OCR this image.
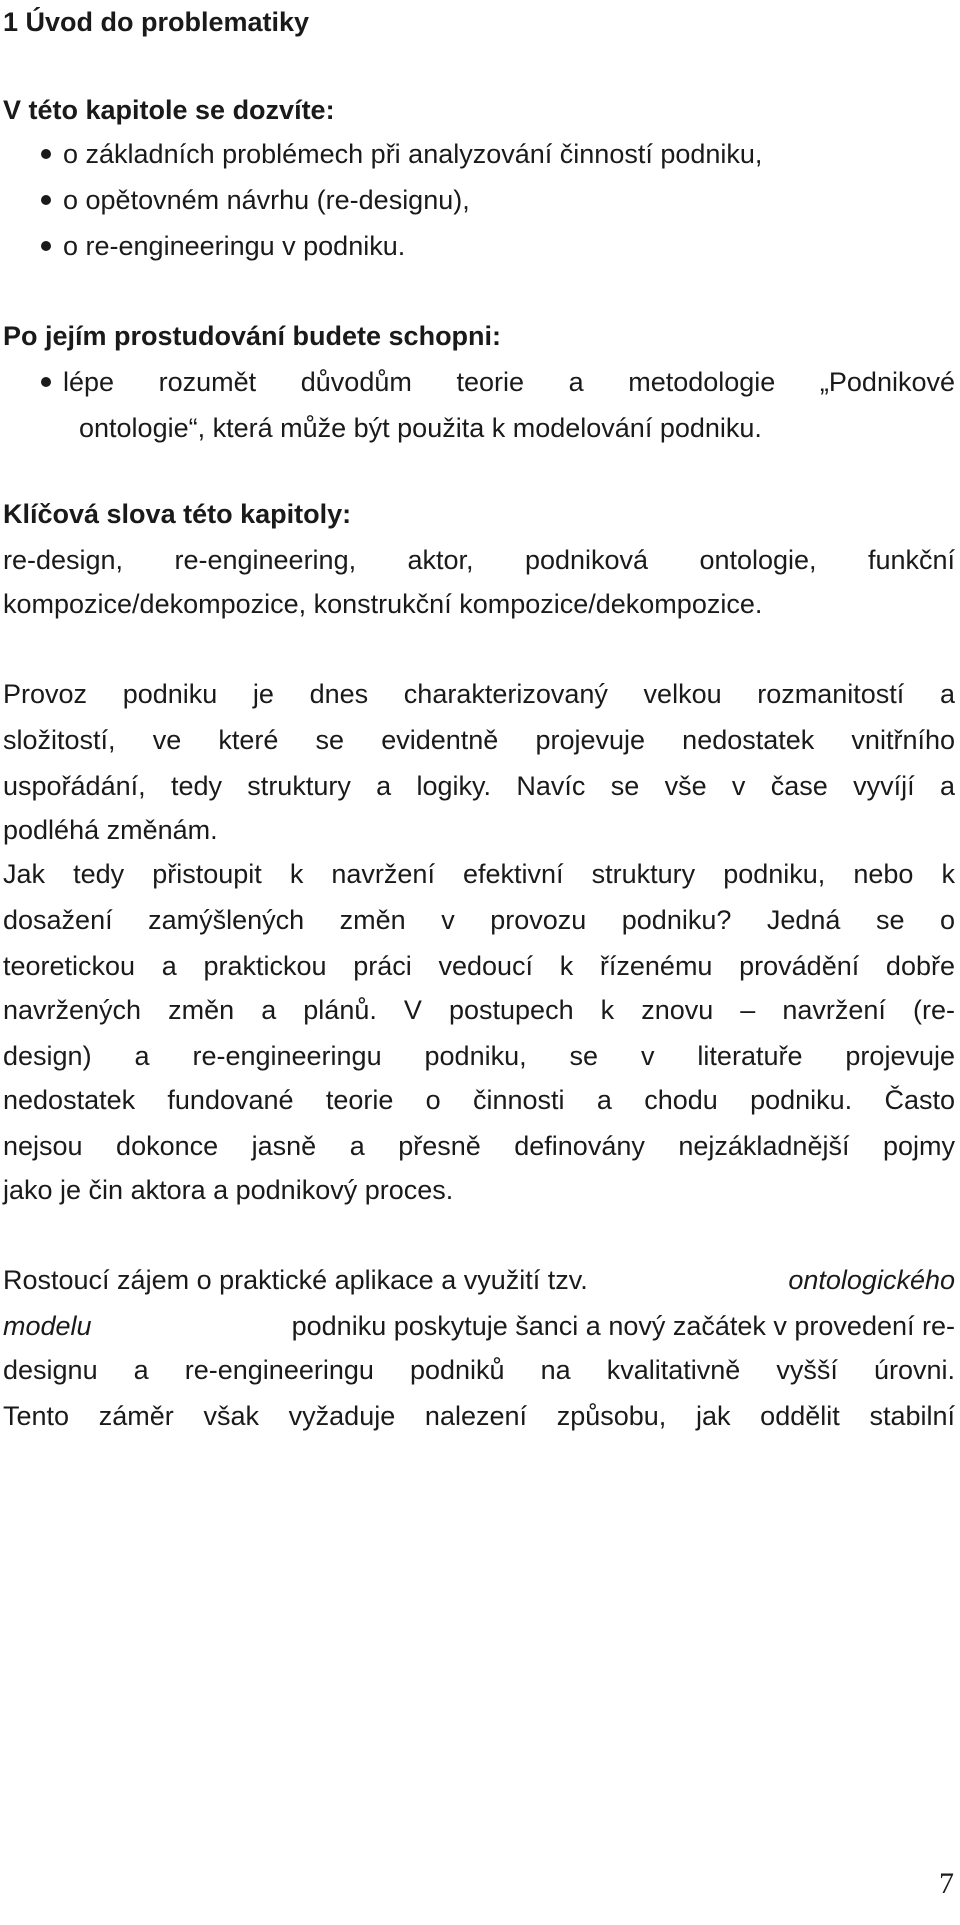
1 Úvod do problematiky
V této kapitole se dozvíte:
o základních problémech při analyzování činností podniku,
o opětovném návrhu (re-designu),
o re-engineeringu v podniku.
Po jejím prostudování budete schopni:
lépe rozumět důvodům teorie a metodologie „Podnikové
ontologie“, která může být použita k modelování podniku.
Klíčová slova této kapitoly:
re-design, re-engineering, aktor, podniková ontologie, funkční
kompozice/dekompozice, konstrukční kompozice/dekompozice.
Provoz podniku je dnes charakterizovaný velkou rozmanitostí a
složitostí, ve které se evidentně projevuje nedostatek vnitřního
uspořádání, tedy struktury a logiky. Navíc se vše v čase vyvíjí a
podléhá změnám.
Jak tedy přistoupit k navržení efektivní struktury podniku, nebo k
dosažení zamýšlených změn v provozu podniku? Jedná se o
teoretickou a praktickou práci vedoucí k řízenému provádění dobře
navržených změn a plánů. V postupech k znovu – navržení (re-
design) a re-engineeringu podniku, se v literatuře projevuje
nedostatek fundované teorie o činnosti a chodu podniku. Často
nejsou dokonce jasně a přesně definovány nejzákladnější pojmy
jako je čin aktora a podnikový proces.
Rostoucí zájem o praktické aplikace a využití tzv.	ontologického
modelu	podniku poskytuje šanci a nový začátek v provedení re-
designu a re-engineeringu podniků na kvalitativně vyšší úrovni.
Tento záměr však vyžaduje nalezení způsobu, jak oddělit stabilní
7
